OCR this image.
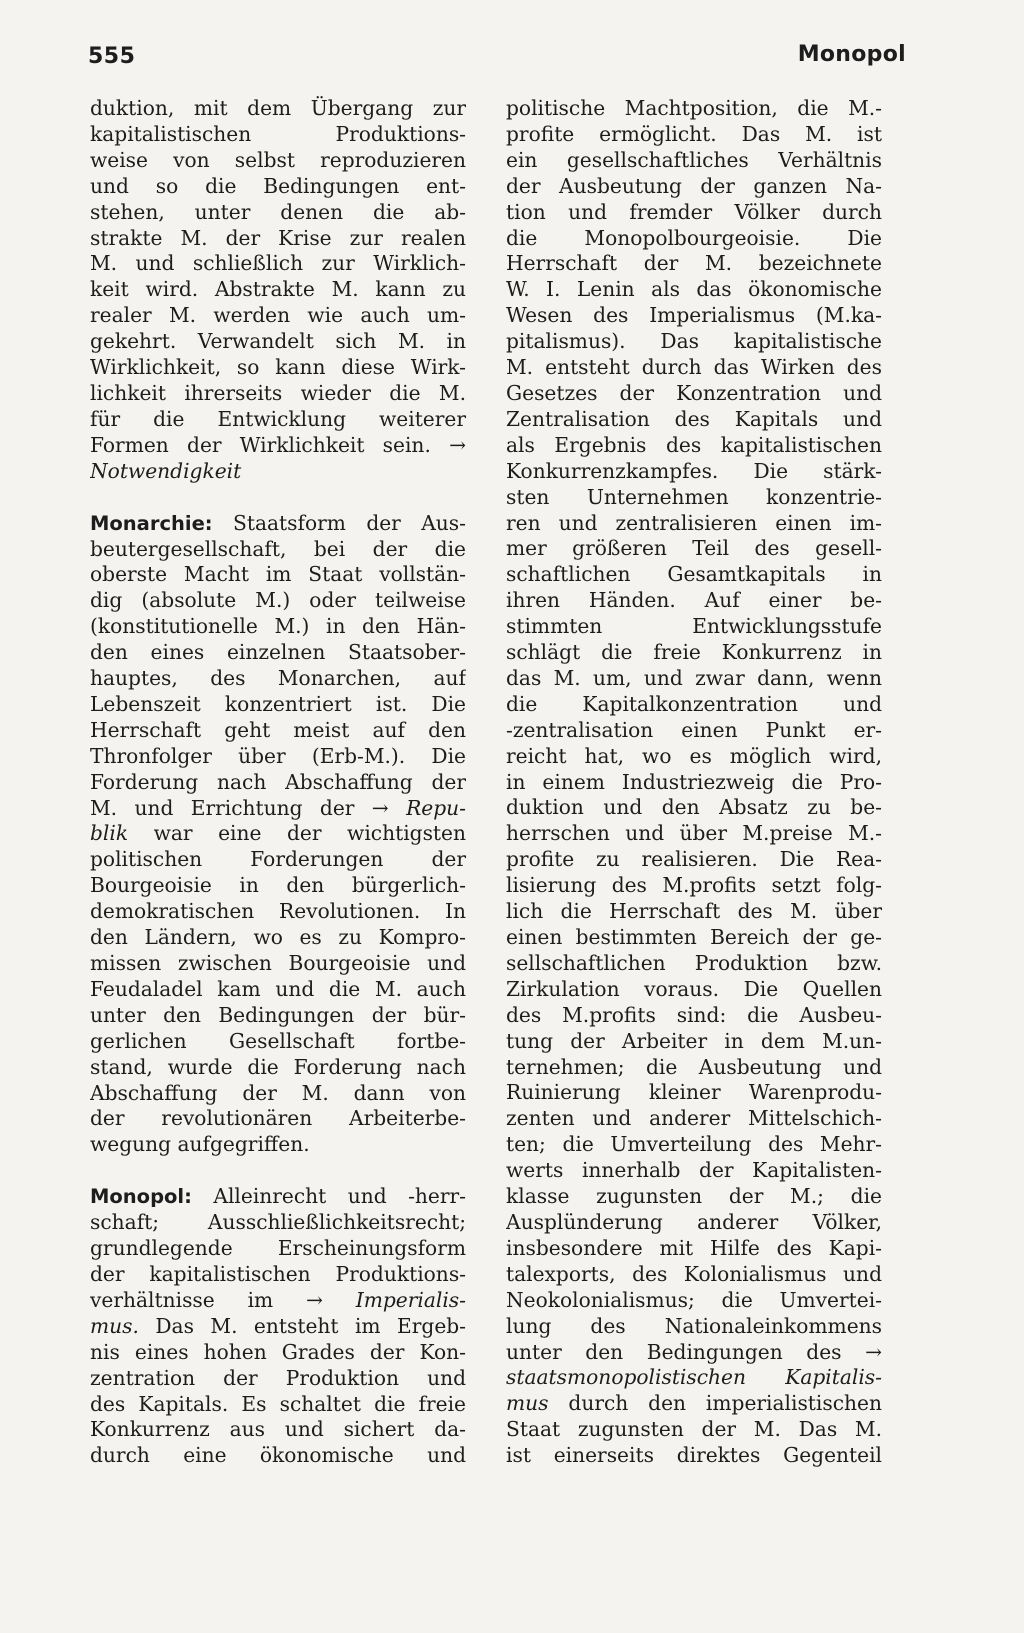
555	Monopol
duktion, mit dem Übergang zur
kapitalistischen Produktions-
weise von selbst reproduzieren
und so die Bedingungen ent-
stehen, unter denen die ab-
strakte M. der Krise zur realen
M. und schließlich zur Wirklich-
keit wird. Abstrakte M. kann zu
realer M. werden wie auch um-
gekehrt. Verwandelt sich M. in
Wirklichkeit, so kann diese Wirk-
lichkeit ihrerseits wieder die M.
für die Entwicklung weiterer
Formen der Wirklichkeit sein. →
Notwendigkeit
Monarchie: Staatsform der Aus-
beutergesellschaft, bei der die
oberste Macht im Staat vollstän-
dig (absolute M.) oder teilweise
(konstitutionelle M.) in den Hän-
den eines einzelnen Staatsober-
hauptes, des Monarchen, auf
Lebenszeit konzentriert ist. Die
Herrschaft geht meist auf den
Thronfolger über (Erb-M.). Die
Forderung nach Abschaffung der
M. und Errichtung der → Repu-
blik war eine der wichtigsten
politischen Forderungen der
Bourgeoisie in den bürgerlich-
demokratischen Revolutionen. In
den Ländern, wo es zu Kompro-
missen zwischen Bourgeoisie und
Feudaladel kam und die M. auch
unter den Bedingungen der bür-
gerlichen Gesellschaft fortbe-
stand, wurde die Forderung nach
Abschaffung der M. dann von
der revolutionären Arbeiterbe-
wegung aufgegriffen.
Monopol: Alleinrecht und -herr-
schaft; Ausschließlichkeitsrecht;
grundlegende Erscheinungsform
der kapitalistischen Produktions-
verhältnisse im → Imperialis-
mus. Das M. entsteht im Ergeb-
nis eines hohen Grades der Kon-
zentration der Produktion und
des Kapitals. Es schaltet die freie
Konkurrenz aus und sichert da-
durch eine ökonomische und
politische Machtposition, die M.-
profite ermöglicht. Das M. ist
ein gesellschaftliches Verhältnis
der Ausbeutung der ganzen Na-
tion und fremder Völker durch
die Monopolbourgeoisie. Die
Herrschaft der M. bezeichnete
W. I. Lenin als das ökonomische
Wesen des Imperialismus (M.ka-
pitalismus). Das kapitalistische
M. entsteht durch das Wirken des
Gesetzes der Konzentration und
Zentralisation des Kapitals und
als Ergebnis des kapitalistischen
Konkurrenzkampfes. Die stärk-
sten Unternehmen konzentrie-
ren und zentralisieren einen im-
mer größeren Teil des gesell-
schaftlichen Gesamtkapitals in
ihren Händen. Auf einer be-
stimmten Entwicklungsstufe
schlägt die freie Konkurrenz in
das M. um, und zwar dann, wenn
die Kapitalkonzentration und
-zentralisation einen Punkt er-
reicht hat, wo es möglich wird,
in einem Industriezweig die Pro-
duktion und den Absatz zu be-
herrschen und über M.preise M.-
profite zu realisieren. Die Rea-
lisierung des M.profits setzt folg-
lich die Herrschaft des M. über
einen bestimmten Bereich der ge-
sellschaftlichen Produktion bzw.
Zirkulation voraus. Die Quellen
des M.profits sind: die Ausbeu-
tung der Arbeiter in dem M.un-
ternehmen; die Ausbeutung und
Ruinierung kleiner Warenprodu-
zenten und anderer Mittelschich-
ten; die Umverteilung des Mehr-
werts innerhalb der Kapitalisten-
klasse zugunsten der M.; die
Ausplünderung anderer Völker,
insbesondere mit Hilfe des Kapi-
talexports, des Kolonialismus und
Neokolonialismus; die Umvertei-
lung des Nationaleinkommens
unter den Bedingungen des →
staatsmonopolistischen Kapitalis-
mus durch den imperialistischen
Staat zugunsten der M. Das M.
ist einerseits direktes Gegenteil
